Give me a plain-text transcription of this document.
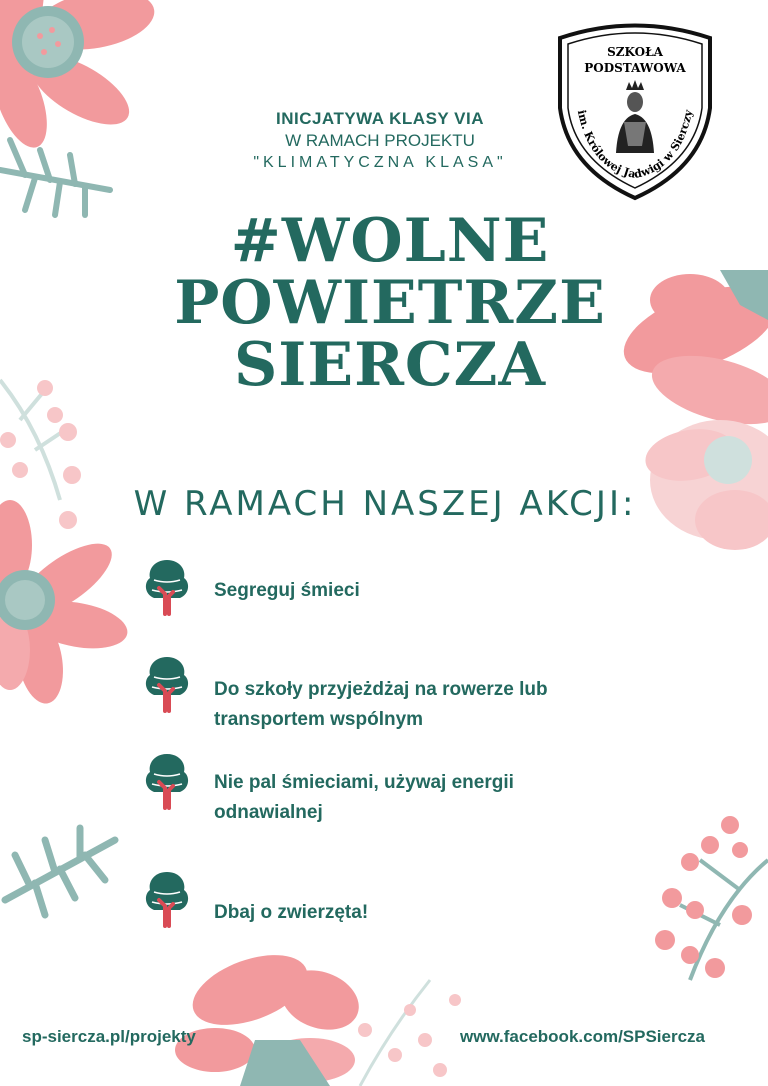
SZKOŁA
PODSTAWOWA
im. Królowej Jadwigi w Sierczy
INICJATYWA KLASY VIA
W RAMACH PROJEKTU
"KLIMATYCZNA KLASA"
#WOLNE
POWIETRZE
SIERCZA
W RAMACH NASZEJ AKCJI:
Segreguj śmieci
Do szkoły przyjeżdżaj na rowerze lub
transportem wspólnym
Nie pal śmieciami, używaj energii
odnawialnej
Dbaj o zwierzęta!
sp-siercza.pl/projekty	www.facebook.com/SPSiercza
